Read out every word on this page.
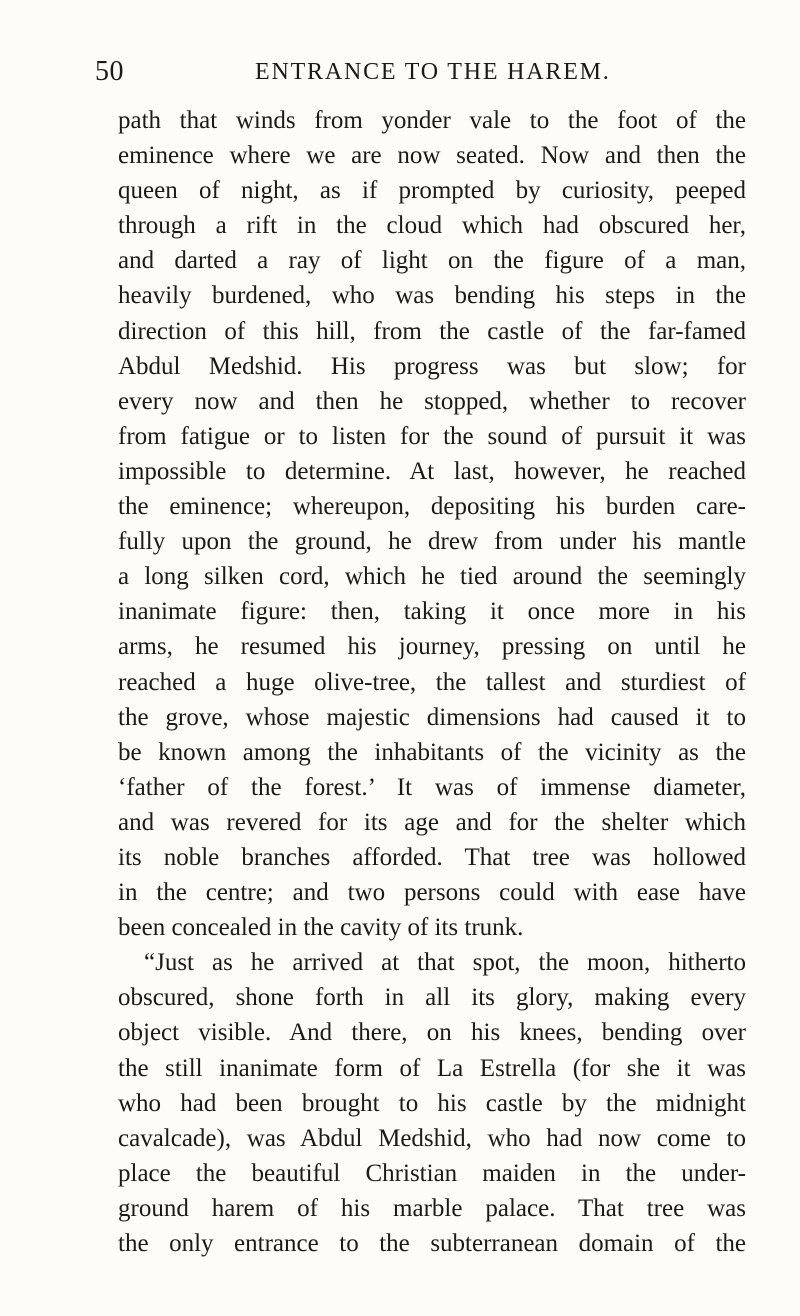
50	ENTRANCE TO THE HAREM.
path that winds from yonder vale to the foot of the
eminence where we are now seated. Now and then the
queen of night, as if prompted by curiosity, peeped
through a rift in the cloud which had obscured her,
and darted a ray of light on the figure of a man,
heavily burdened, who was bending his steps in the
direction of this hill, from the castle of the far-famed
Abdul Medshid. His progress was but slow; for
every now and then he stopped, whether to recover
from fatigue or to listen for the sound of pursuit it was
impossible to determine. At last, however, he reached
the eminence; whereupon, depositing his burden care-
fully upon the ground, he drew from under his mantle
a long silken cord, which he tied around the seemingly
inanimate figure: then, taking it once more in his
arms, he resumed his journey, pressing on until he
reached a huge olive-tree, the tallest and sturdiest of
the grove, whose majestic dimensions had caused it to
be known among the inhabitants of the vicinity as the
‘father of the forest.’ It was of immense diameter,
and was revered for its age and for the shelter which
its noble branches afforded. That tree was hollowed
in the centre; and two persons could with ease have
been concealed in the cavity of its trunk.
“Just as he arrived at that spot, the moon, hitherto
obscured, shone forth in all its glory, making every
object visible. And there, on his knees, bending over
the still inanimate form of La Estrella (for she it was
who had been brought to his castle by the midnight
cavalcade), was Abdul Medshid, who had now come to
place the beautiful Christian maiden in the under-
ground harem of his marble palace. That tree was
the only entrance to the subterranean domain of the
